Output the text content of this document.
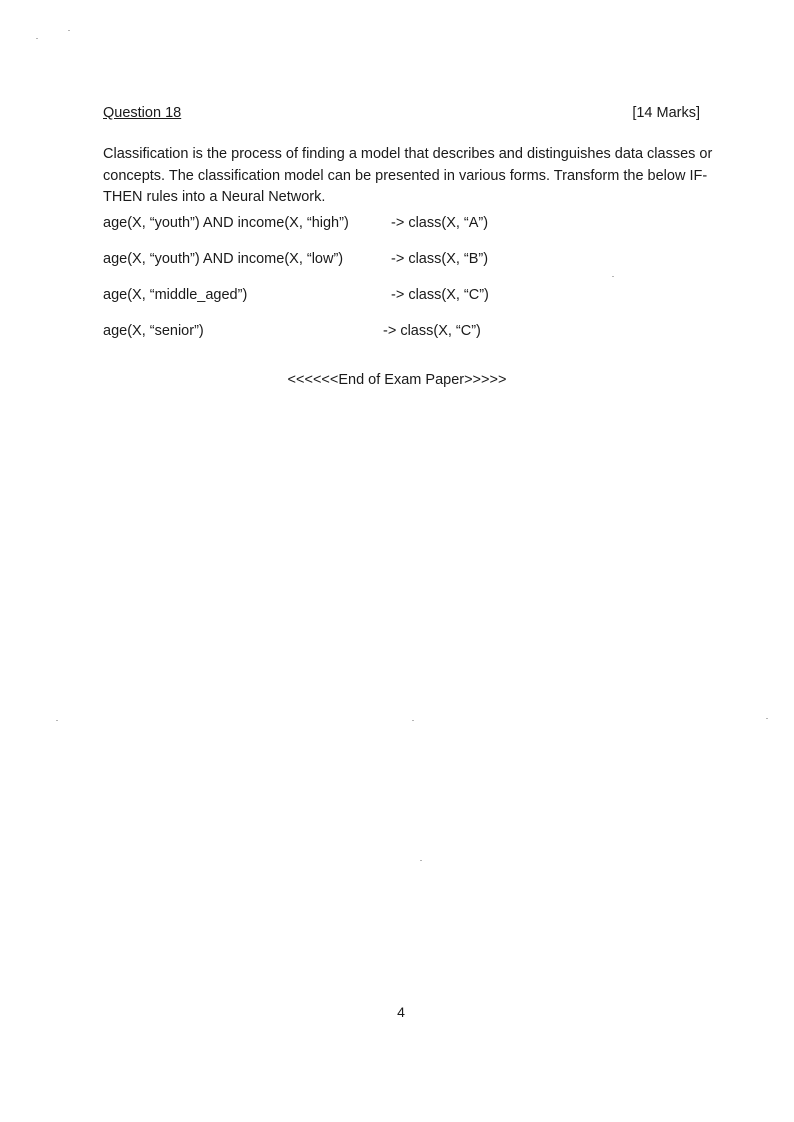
Question 18	[14 Marks]
Classification is the process of finding a model that describes and distinguishes data classes or concepts. The classification model can be presented in various forms. Transform the below IF-THEN rules into a Neural Network.
age(X, “youth”) AND income(X, “high”)	-> class(X, “A”)
age(X, “youth”) AND income(X, “low”)	-> class(X, “B”)
age(X, “middle_aged”)	-> class(X, “C”)
age(X, “senior”)	-> class(X, “C”)
<<<<<<End of Exam Paper>>>>>
4
